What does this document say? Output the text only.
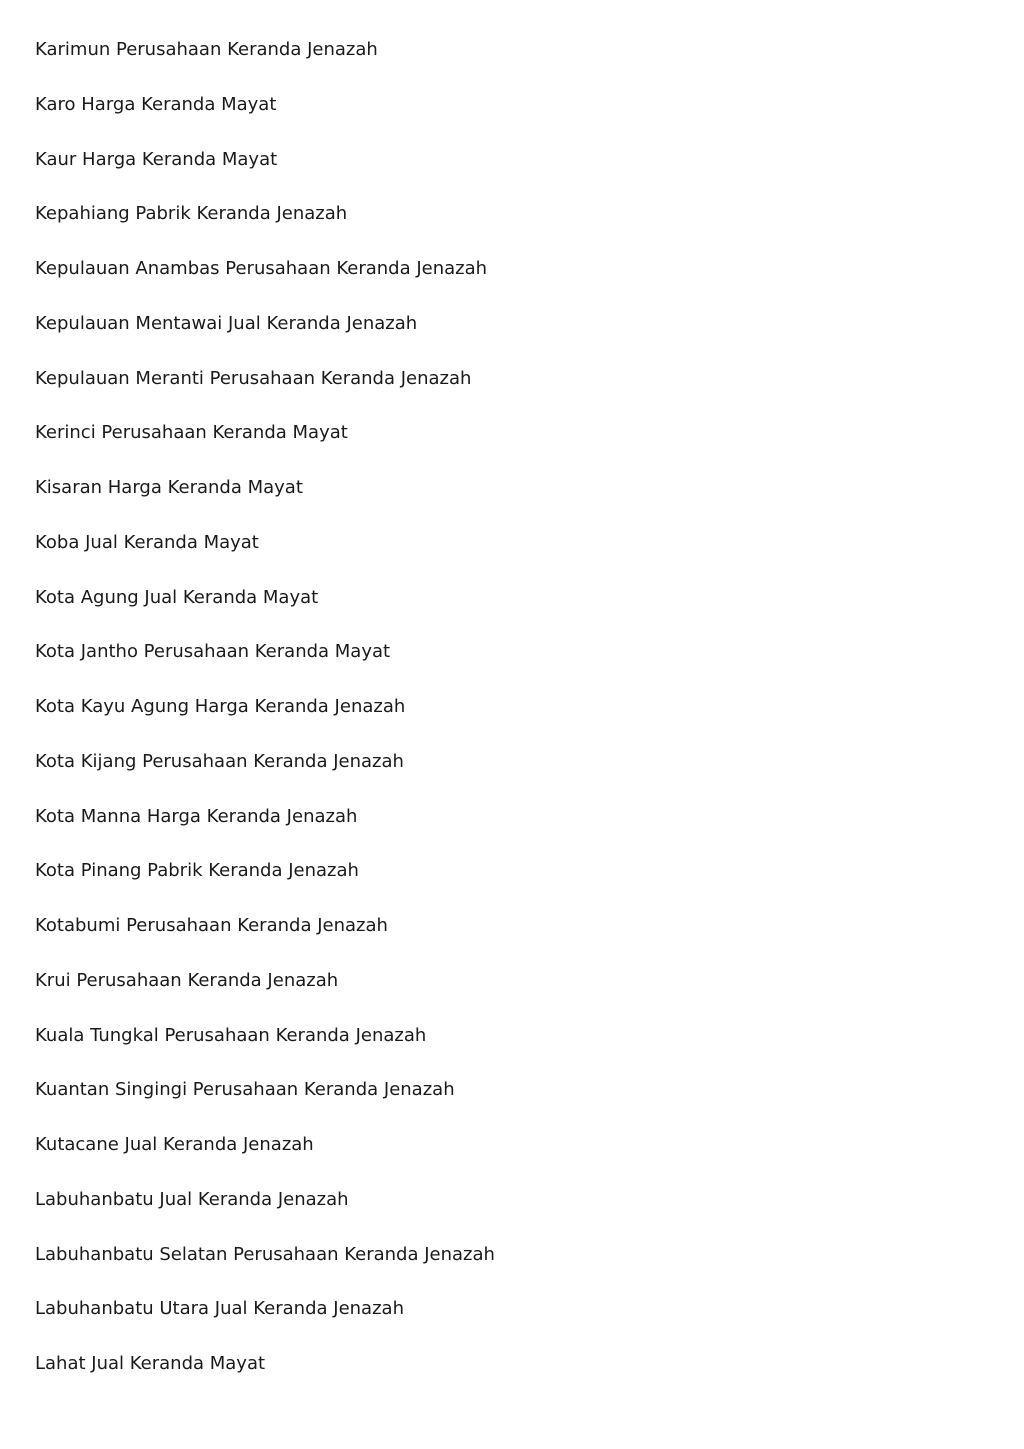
Karimun Perusahaan Keranda Jenazah
Karo Harga Keranda Mayat
Kaur Harga Keranda Mayat
Kepahiang Pabrik Keranda Jenazah
Kepulauan Anambas Perusahaan Keranda Jenazah
Kepulauan Mentawai Jual Keranda Jenazah
Kepulauan Meranti Perusahaan Keranda Jenazah
Kerinci Perusahaan Keranda Mayat
Kisaran Harga Keranda Mayat
Koba Jual Keranda Mayat
Kota Agung Jual Keranda Mayat
Kota Jantho Perusahaan Keranda Mayat
Kota Kayu Agung Harga Keranda Jenazah
Kota Kijang Perusahaan Keranda Jenazah
Kota Manna Harga Keranda Jenazah
Kota Pinang Pabrik Keranda Jenazah
Kotabumi Perusahaan Keranda Jenazah
Krui Perusahaan Keranda Jenazah
Kuala Tungkal Perusahaan Keranda Jenazah
Kuantan Singingi Perusahaan Keranda Jenazah
Kutacane Jual Keranda Jenazah
Labuhanbatu Jual Keranda Jenazah
Labuhanbatu Selatan Perusahaan Keranda Jenazah
Labuhanbatu Utara Jual Keranda Jenazah
Lahat Jual Keranda Mayat
